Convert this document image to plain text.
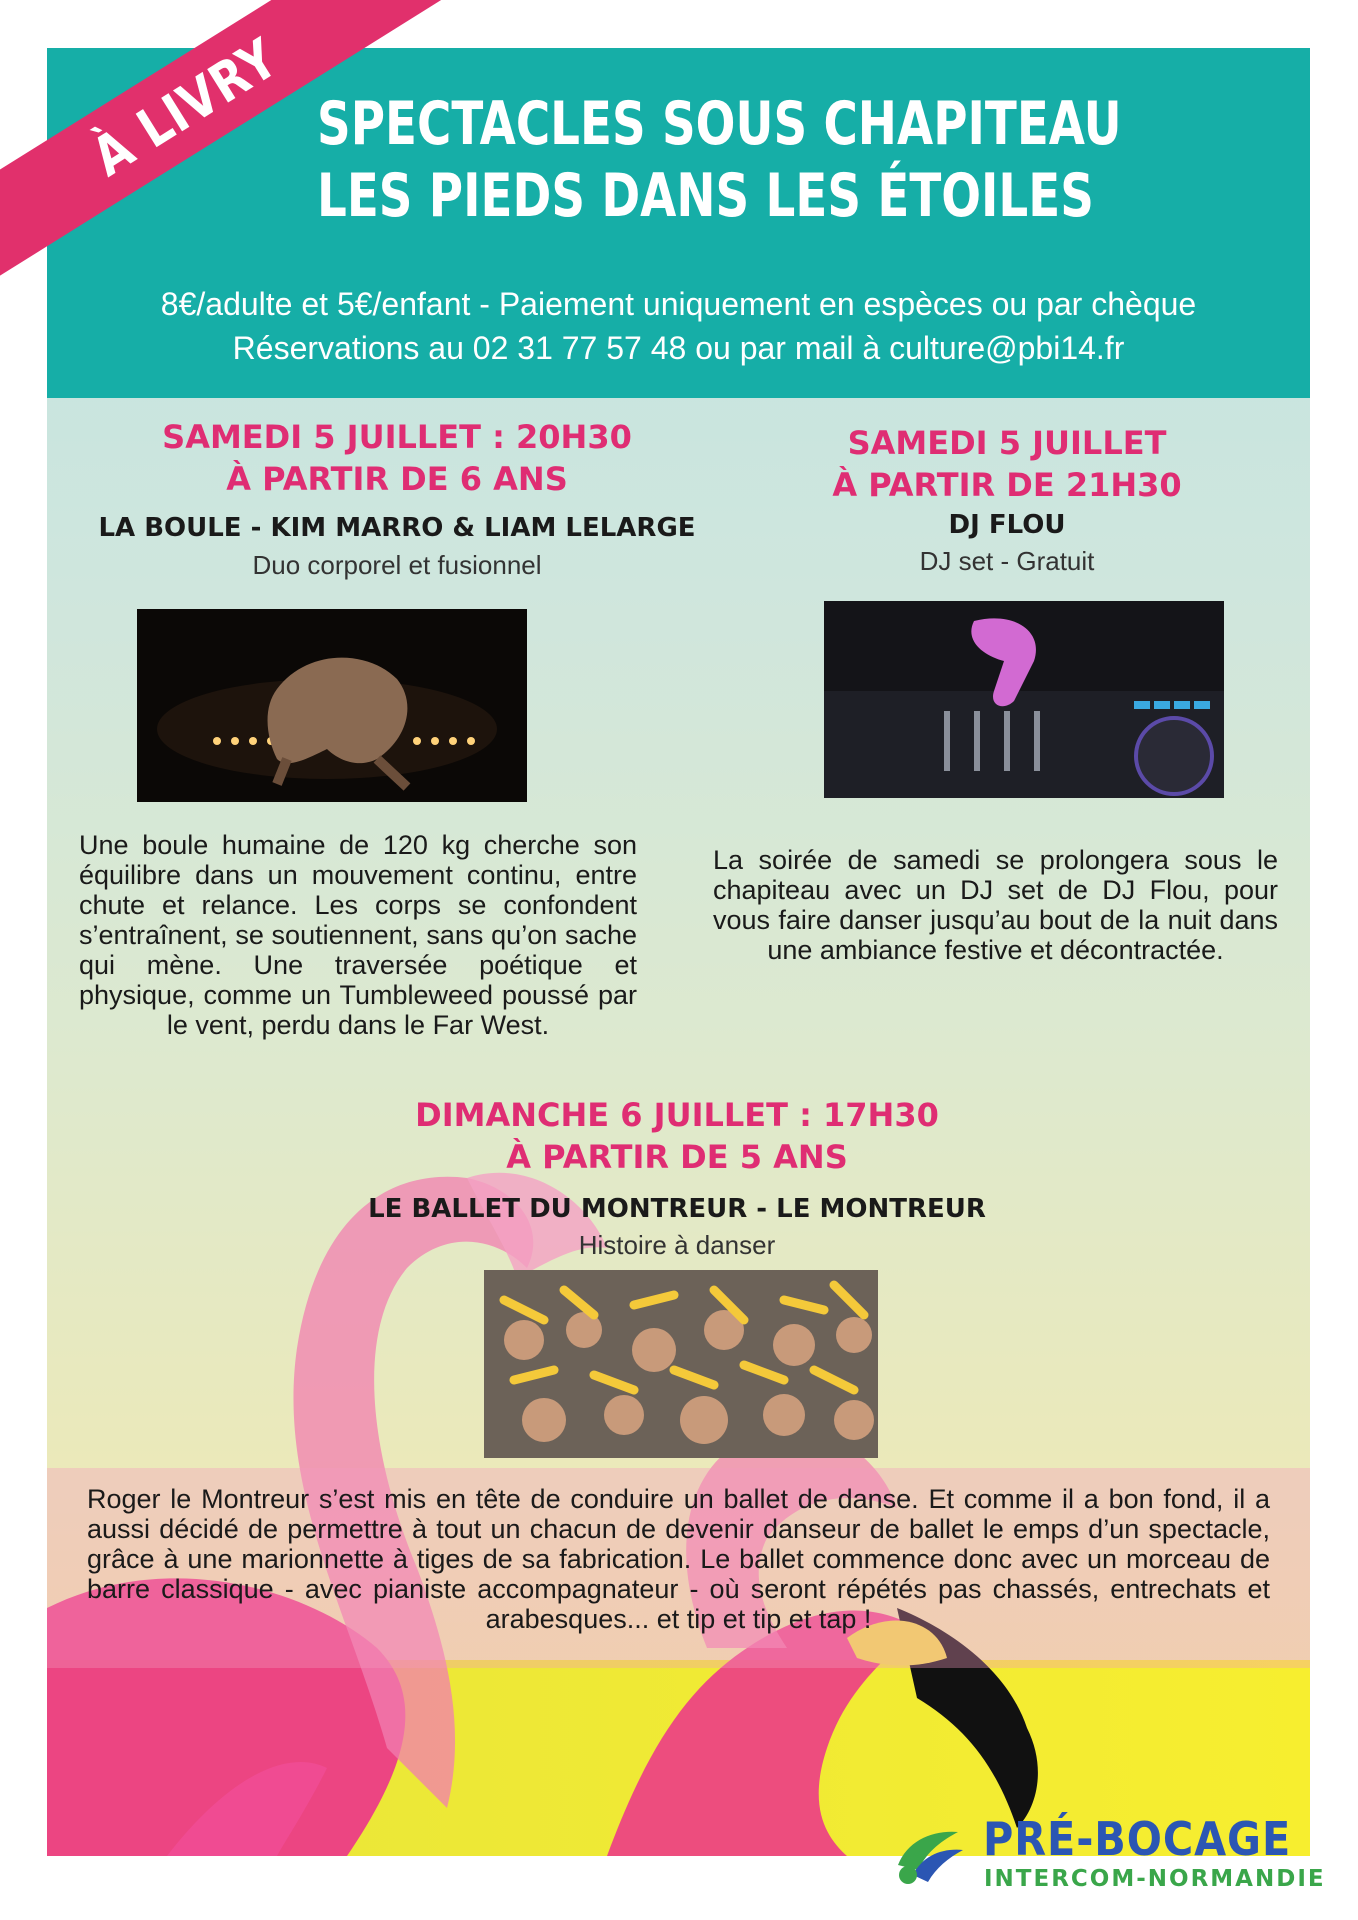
SPECTACLES SOUS CHAPITEAU
LES PIEDS DANS LES ÉTOILES
8€/adulte et 5€/enfant - Paiement uniquement en espèces ou par chèque
Réservations au 02 31 77 57 48 ou par mail à culture@pbi14.fr
SAMEDI 5 JUILLET : 20H30
À PARTIR DE 6 ANS
LA BOULE - KIM MARRO & LIAM LELARGE
Duo corporel et fusionnel

Une boule humaine de 120 kg cherche son équilibre dans un mouvement continu, entre chute et relance. Les corps se confondent s’entraînent, se soutiennent, sans qu’on sache qui mène. Une traversée poétique et physique, comme un Tumbleweed poussé par le vent, perdu dans le Far West.

SAMEDI 5 JUILLET
À PARTIR DE 21H30
DJ FLOU
DJ set - Gratuit

La soirée de samedi se prolongera sous le chapiteau avec un DJ set de DJ Flou, pour vous faire danser jusqu’au bout de la nuit dans une ambiance festive et décontractée.

DIMANCHE 6 JUILLET : 17H30
À PARTIR DE 5 ANS
LE BALLET DU MONTREUR - LE MONTREUR
Histoire à danser

Roger le Montreur s’est mis en tête de conduire un ballet de danse. Et comme il a bon fond, il a aussi décidé de permettre à tout un chacun de devenir danseur de ballet le emps d’un spectacle, grâce à une marionnette à tiges de sa fabrication. Le ballet commence donc avec un morceau de barre classique - avec pianiste accompagnateur - où seront répétés pas chassés, entrechats et arabesques... et tip et tip et tap !

À LIVRY
PRÉ-BOCAGE
INTERCOM-NORMANDIE
